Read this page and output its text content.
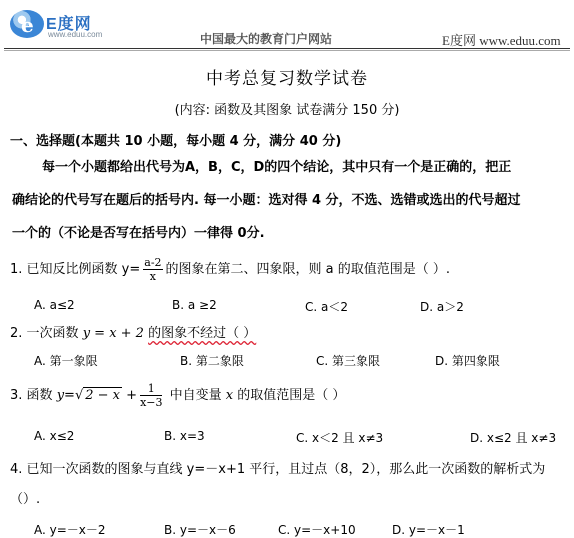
e E度网
www.eduu.com	中国最大的教育门户网站	E度网 www.eduu.com
中考总复习数学试卷
(内容: 函数及其图象 试卷满分 150 分)
一、选择题(本题共 10 小题，每小题 4 分，满分 40 分)
每一个小题都给出代号为A，B，C，D的四个结论，其中只有一个是正确的，把正
确结论的代号写在题后的括号内. 每一小题：选对得 4 分，不选、选错或选出的代号超过
一个的（不论是否写在括号内）一律得 0分.
1. 已知反比例函数 $y= \frac{a-2}{x}$ 的图象在第二、四象限，则 a 的取值范围是（ ）.
A. a≤2	B. a ≥2	C. a＜2	D. a＞2
2. 一次函数 y = x + 2 的图象不经过（ ）
A. 第一象限	B. 第二象限	C. 第三象限	D. 第四象限
3. 函数 y=√ $2 - x + \frac{1}{x-3}$ 中自变量 x 的取值范围是（ ）
A. x≤2	B. x=3	C. x＜2 且 x≠3	D. x≤2 且 x≠3
4. 已知一次函数的图象与直线 y=－x+1 平行，且过点（8，2），那么此一次函数的解析式为
（）.
A. y=－x－2	B. y=－x－6	C. y=－x+10	D. y=－x－1
